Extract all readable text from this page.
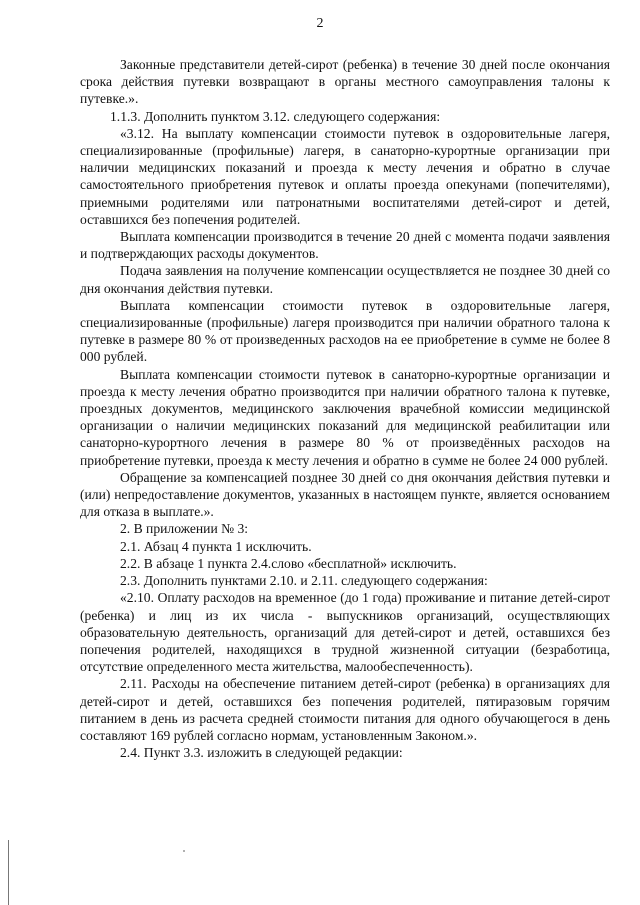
2

Законные представители детей-сирот (ребенка) в течение 30 дней после окончания срока действия путевки возвращают в органы местного самоуправления талоны к путевке.».

1.1.3. Дополнить пунктом 3.12. следующего содержания:

«3.12. На выплату компенсации стоимости путевок в оздоровительные лагеря, специализированные (профильные) лагеря, в санаторно-курортные организации при наличии медицинских показаний и проезда к месту лечения и обратно в случае самостоятельного приобретения путевок и оплаты проезда опекунами (попечителями), приемными родителями или патронатными воспитателями детей-сирот и детей, оставшихся без попечения родителей.

Выплата компенсации производится в течение 20 дней с момента подачи заявления и подтверждающих расходы документов.

Подача заявления на получение компенсации осуществляется не позднее 30 дней со дня окончания действия путевки.

Выплата компенсации стоимости путевок в оздоровительные лагеря, специализированные (профильные) лагеря производится при наличии обратного талона к путевке в размере 80 % от произведенных расходов на ее приобретение в сумме не более 8 000 рублей.

Выплата компенсации стоимости путевок в санаторно-курортные организации и проезда к месту лечения обратно производится при наличии обратного талона к путевке, проездных документов, медицинского заключения врачебной комиссии медицинской организации о наличии медицинских показаний для медицинской реабилитации или санаторно-курортного лечения в размере 80 % от произведённых расходов на приобретение путевки, проезда к месту лечения и обратно в сумме не более 24 000 рублей.

Обращение за компенсацией позднее 30 дней со дня окончания действия путевки и (или) непредоставление документов, указанных в настоящем пункте, является основанием для отказа в выплате.».

2. В приложении № 3:

2.1. Абзац 4 пункта 1 исключить.

2.2. В абзаце 1 пункта 2.4.слово «бесплатной» исключить.

2.3. Дополнить пунктами 2.10. и 2.11. следующего содержания:

«2.10. Оплату расходов на временное (до 1 года) проживание и питание детей-сирот (ребенка) и лиц из их числа - выпускников организаций, осуществляющих образовательную деятельность, организаций для детей-сирот и детей, оставшихся без попечения родителей, находящихся в трудной жизненной ситуации (безработица, отсутствие определенного места жительства, малообеспеченность).

2.11. Расходы на обеспечение питанием детей-сирот (ребенка) в организациях для детей-сирот и детей, оставшихся без попечения родителей, пятиразовым горячим питанием в день из расчета средней стоимости питания для одного обучающегося в день составляют 169 рублей согласно нормам, установленным Законом.».

2.4. Пункт 3.3. изложить в следующей редакции:
